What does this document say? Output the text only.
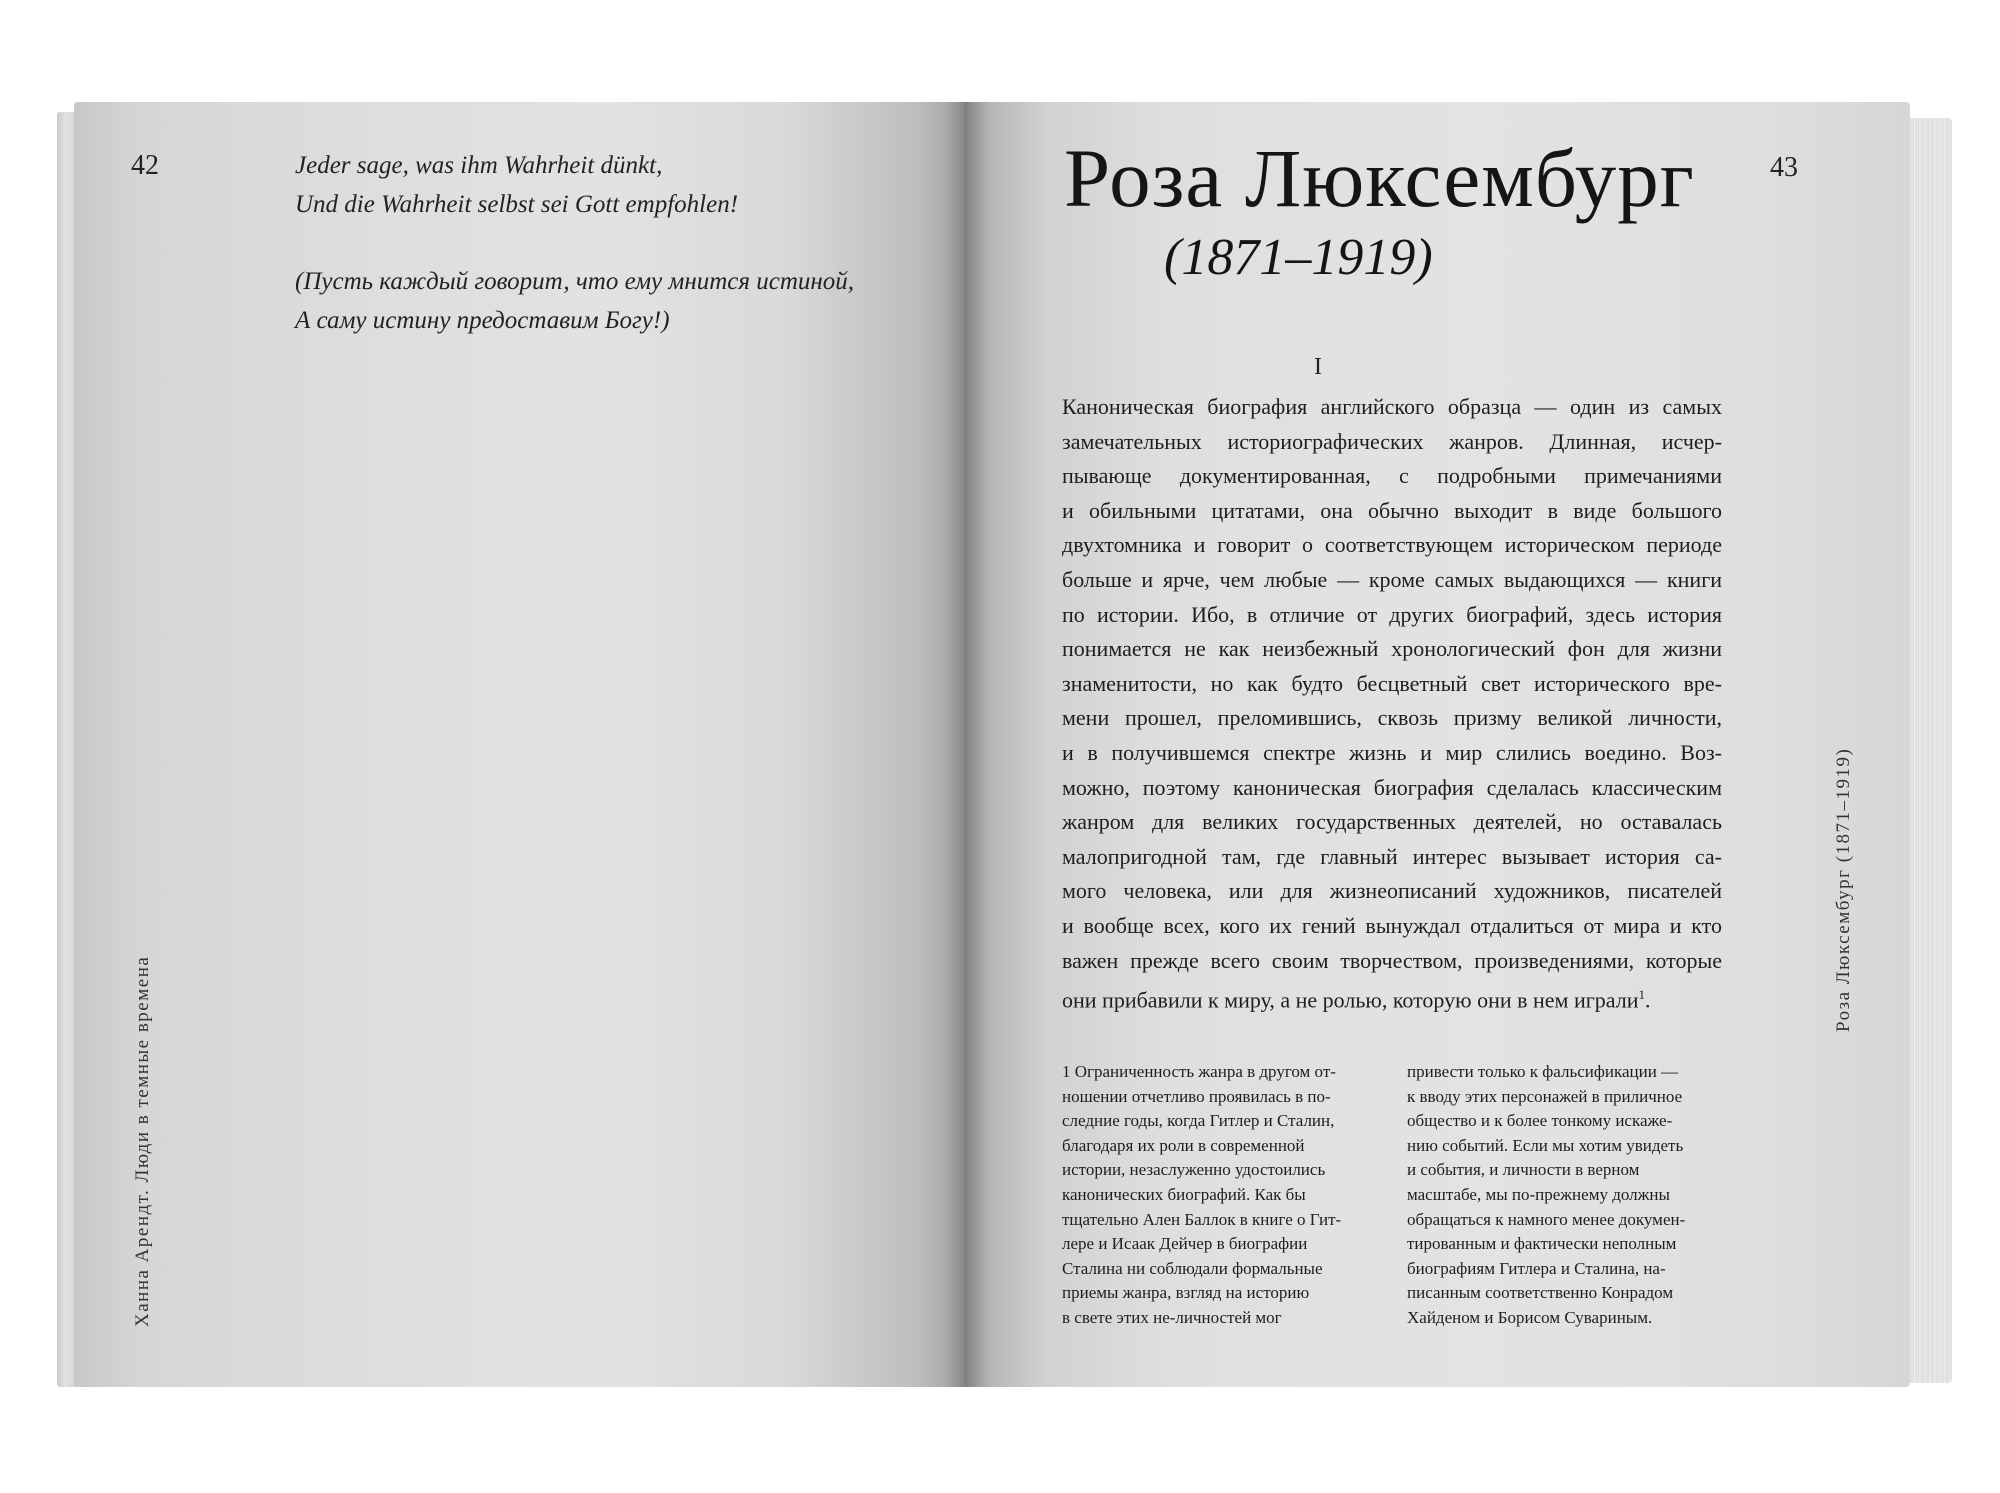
42	Jeder sage, was ihm Wahrheit dünkt,
Und die Wahrheit selbst sei Gott empfohlen!
(Пусть каждый говорит, что ему мнится истиной,
А саму истину предоставим Богу!)
Ханна Арендт. Люди в темные времена
Роза Люксембург
(1871–1919)
43
I
Каноническая биография английского образца — один из самых
замечательных историографических жанров. Длинная, исчер-
пывающе документированная, с подробными примечаниями
и обильными цитатами, она обычно выходит в виде большого
двухтомника и говорит о соответствующем историческом периоде
больше и ярче, чем любые — кроме самых выдающихся — книги
по истории. Ибо, в отличие от других биографий, здесь история
понимается не как неизбежный хронологический фон для жизни
знаменитости, но как будто бесцветный свет исторического вре-
мени прошел, преломившись, сквозь призму великой личности,
и в получившемся спектре жизнь и мир слились воедино. Воз-
можно, поэтому каноническая биография сделалась классическим
жанром для великих государственных деятелей, но оставалась
малопригодной там, где главный интерес вызывает история са-
мого человека, или для жизнеописаний художников, писателей
и вообще всех, кого их гений вынуждал отдалиться от мира и кто
важен прежде всего своим творчеством, произведениями, которые
они прибавили к миру, а не ролью, которую они в нем играли$^1$.
1 Ограниченность жанра в другом от-
ношении отчетливо проявилась в по-
следние годы, когда Гитлер и Сталин,
благодаря их роли в современной
истории, незаслуженно удостоились
канонических биографий. Как бы
тщательно Ален Баллок в книге о Гит-
лере и Исаак Дейчер в биографии
Сталина ни соблюдали формальные
приемы жанра, взгляд на историю
в свете этих не-личностей мог
привести только к фальсификации —
к вводу этих персонажей в приличное
общество и к более тонкому искаже-
нию событий. Если мы хотим увидеть
и события, и личности в верном
масштабе, мы по-прежнему должны
обращаться к намного менее докумен-
тированным и фактически неполным
биографиям Гитлера и Сталина, на-
писанным соответственно Конрадом
Хайденом и Борисом Сувариным.
Роза Люксембург (1871–1919)
